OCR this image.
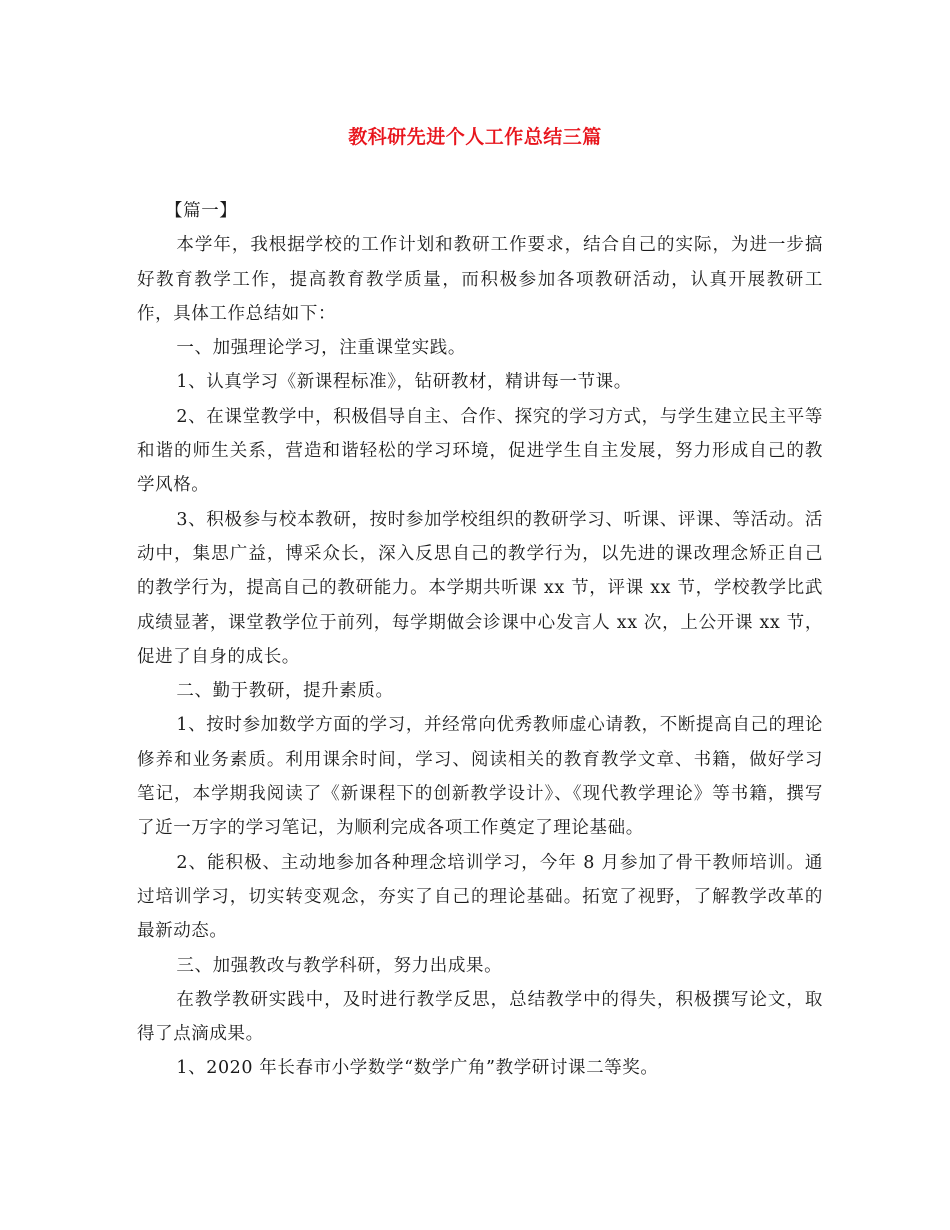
教科研先进个人工作总结三篇

【篇一】

本学年，我根据学校的工作计划和教研工作要求，结合自己的实际，为进一步搞好教育教学工作，提高教育教学质量，而积极参加各项教研活动，认真开展教研工作，具体工作总结如下：

一、加强理论学习，注重课堂实践。

1、认真学习《新课程标准》，钻研教材，精讲每一节课。

2、在课堂教学中，积极倡导自主、合作、探究的学习方式，与学生建立民主平等和谐的师生关系，营造和谐轻松的学习环境，促进学生自主发展，努力形成自己的教学风格。

3、积极参与校本教研，按时参加学校组织的教研学习、听课、评课、等活动。活动中，集思广益，博采众长，深入反思自己的教学行为，以先进的课改理念矫正自己的教学行为，提高自己的教研能力。本学期共听课 xx 节，评课 xx 节，学校教学比武成绩显著，课堂教学位于前列，每学期做会诊课中心发言人 xx 次，上公开课 xx 节，促进了自身的成长。

二、勤于教研，提升素质。

1、按时参加数学方面的学习，并经常向优秀教师虚心请教，不断提高自己的理论修养和业务素质。利用课余时间，学习、阅读相关的教育教学文章、书籍，做好学习笔记，本学期我阅读了《新课程下的创新教学设计》、《现代教学理论》等书籍，撰写了近一万字的学习笔记，为顺利完成各项工作奠定了理论基础。

2、能积极、主动地参加各种理念培训学习，今年 8 月参加了骨干教师培训。通过培训学习，切实转变观念，夯实了自己的理论基础。拓宽了视野，了解教学改革的最新动态。

三、加强教改与教学科研，努力出成果。

在教学教研实践中，及时进行教学反思，总结教学中的得失，积极撰写论文，取得了点滴成果。

1、2020 年长春市小学数学“数学广角”教学研讨课二等奖。
